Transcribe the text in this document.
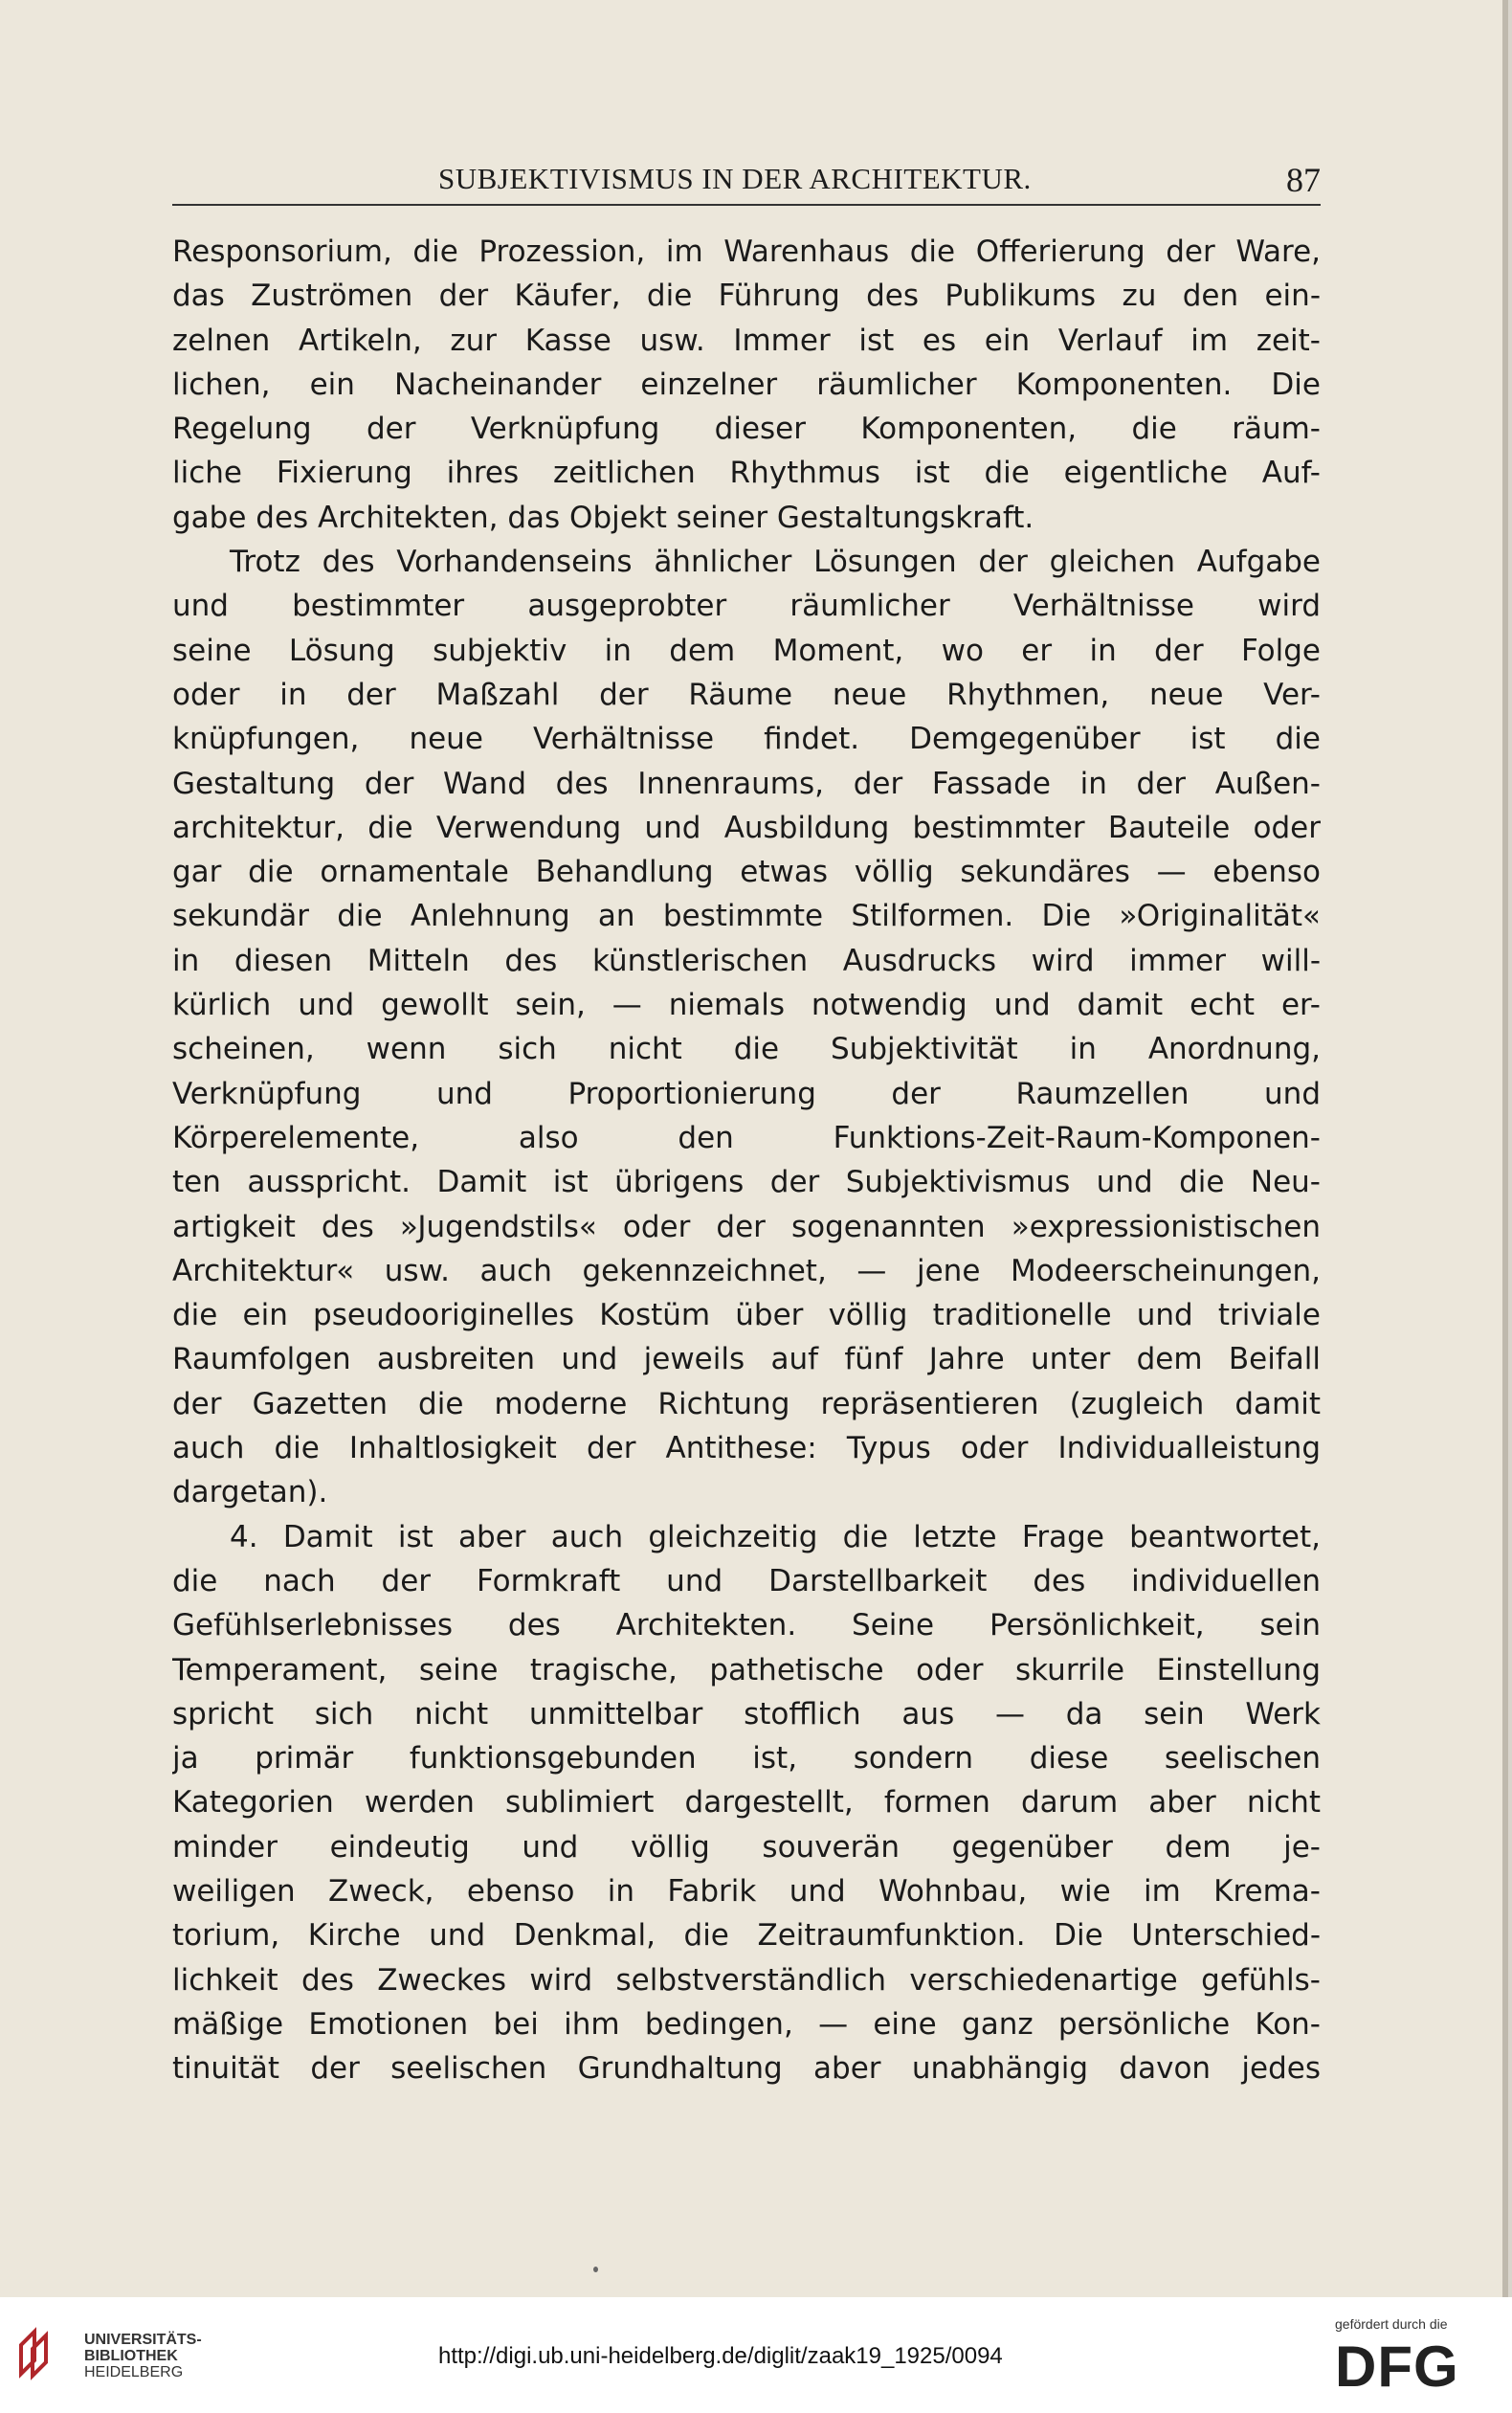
SUBJEKTIVISMUS IN DER ARCHITEKTUR.	87
Responsorium, die Prozession, im Warenhaus die Offerierung der Ware,
das Zuströmen der Käufer, die Führung des Publikums zu den ein-
zelnen Artikeln, zur Kasse usw. Immer ist es ein Verlauf im zeit-
lichen, ein Nacheinander einzelner räumlicher Komponenten. Die
Regelung der Verknüpfung dieser Komponenten, die räum-
liche Fixierung ihres zeitlichen Rhythmus ist die eigentliche Auf-
gabe des Architekten, das Objekt seiner Gestaltungskraft.
Trotz des Vorhandenseins ähnlicher Lösungen der gleichen Aufgabe
und bestimmter ausgeprobter räumlicher Verhältnisse wird
seine Lösung subjektiv in dem Moment, wo er in der Folge
oder in der Maßzahl der Räume neue Rhythmen, neue Ver-
knüpfungen, neue Verhältnisse findet. Demgegenüber ist die
Gestaltung der Wand des Innenraums, der Fassade in der Außen-
architektur, die Verwendung und Ausbildung bestimmter Bauteile oder
gar die ornamentale Behandlung etwas völlig sekundäres — ebenso
sekundär die Anlehnung an bestimmte Stilformen. Die »Originalität«
in diesen Mitteln des künstlerischen Ausdrucks wird immer will-
kürlich und gewollt sein, — niemals notwendig und damit echt er-
scheinen, wenn sich nicht die Subjektivität in Anordnung,
Verknüpfung und Proportionierung der Raumzellen und
Körperelemente, also den Funktions-Zeit-Raum-Komponen-
ten ausspricht. Damit ist übrigens der Subjektivismus und die Neu-
artigkeit des »Jugendstils« oder der sogenannten »expressionistischen
Architektur« usw. auch gekennzeichnet, — jene Modeerscheinungen,
die ein pseudooriginelles Kostüm über völlig traditionelle und triviale
Raumfolgen ausbreiten und jeweils auf fünf Jahre unter dem Beifall
der Gazetten die moderne Richtung repräsentieren (zugleich damit
auch die Inhaltlosigkeit der Antithese: Typus oder Individualleistung
dargetan).
4. Damit ist aber auch gleichzeitig die letzte Frage beantwortet,
die nach der Formkraft und Darstellbarkeit des individuellen
Gefühlserlebnisses des Architekten. Seine Persönlichkeit, sein
Temperament, seine tragische, pathetische oder skurrile Einstellung
spricht sich nicht unmittelbar stofflich aus — da sein Werk
ja primär funktionsgebunden ist, sondern diese seelischen
Kategorien werden sublimiert dargestellt, formen darum aber nicht
minder eindeutig und völlig souverän gegenüber dem je-
weiligen Zweck, ebenso in Fabrik und Wohnbau, wie im Krema-
torium, Kirche und Denkmal, die Zeitraumfunktion. Die Unterschied-
lichkeit des Zweckes wird selbstverständlich verschiedenartige gefühls-
mäßige Emotionen bei ihm bedingen, — eine ganz persönliche Kon-
tinuität der seelischen Grundhaltung aber unabhängig davon jedes
UNIVERSITÄTS-
BIBLIOTHEK
HEIDELBERG
http://digi.ub.uni-heidelberg.de/diglit/zaak19_1925/0094
gefördert durch die
DFG
